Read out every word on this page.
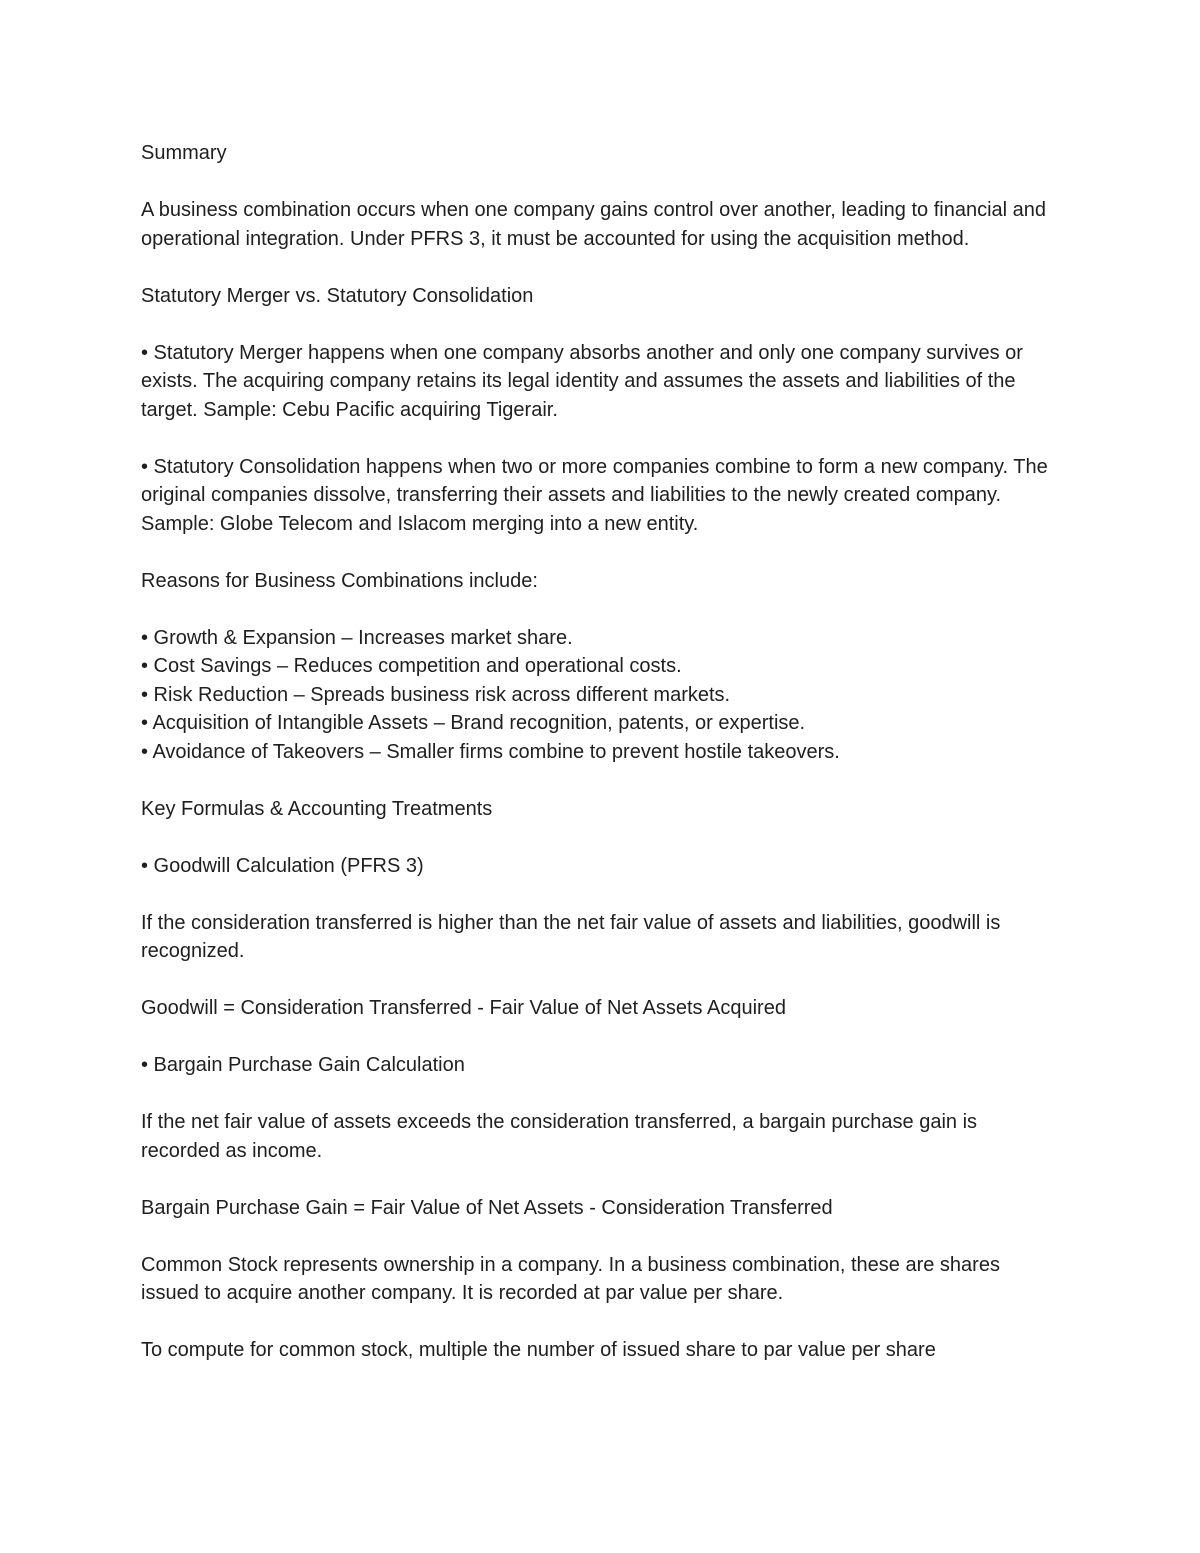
Summary

A business combination occurs when one company gains control over another, leading to financial and operational integration. Under PFRS 3, it must be accounted for using the acquisition method.

Statutory Merger vs. Statutory Consolidation

• Statutory Merger happens when one company absorbs another and only one company survives or exists. The acquiring company retains its legal identity and assumes the assets and liabilities of the target. Sample: Cebu Pacific acquiring Tigerair.

• Statutory Consolidation happens when two or more companies combine to form a new company. The original companies dissolve, transferring their assets and liabilities to the newly created company. Sample: Globe Telecom and Islacom merging into a new entity.

Reasons for Business Combinations include:

• Growth & Expansion – Increases market share.

• Cost Savings – Reduces competition and operational costs.

• Risk Reduction – Spreads business risk across different markets.

• Acquisition of Intangible Assets – Brand recognition, patents, or expertise.

• Avoidance of Takeovers – Smaller firms combine to prevent hostile takeovers.

Key Formulas & Accounting Treatments

• Goodwill Calculation (PFRS 3)

If the consideration transferred is higher than the net fair value of assets and liabilities, goodwill is recognized.

Goodwill = Consideration Transferred - Fair Value of Net Assets Acquired

• Bargain Purchase Gain Calculation

If the net fair value of assets exceeds the consideration transferred, a bargain purchase gain is recorded as income.

Bargain Purchase Gain = Fair Value of Net Assets - Consideration Transferred

Common Stock represents ownership in a company. In a business combination, these are shares issued to acquire another company. It is recorded at par value per share.

To compute for common stock, multiple the number of issued share to par value per share
